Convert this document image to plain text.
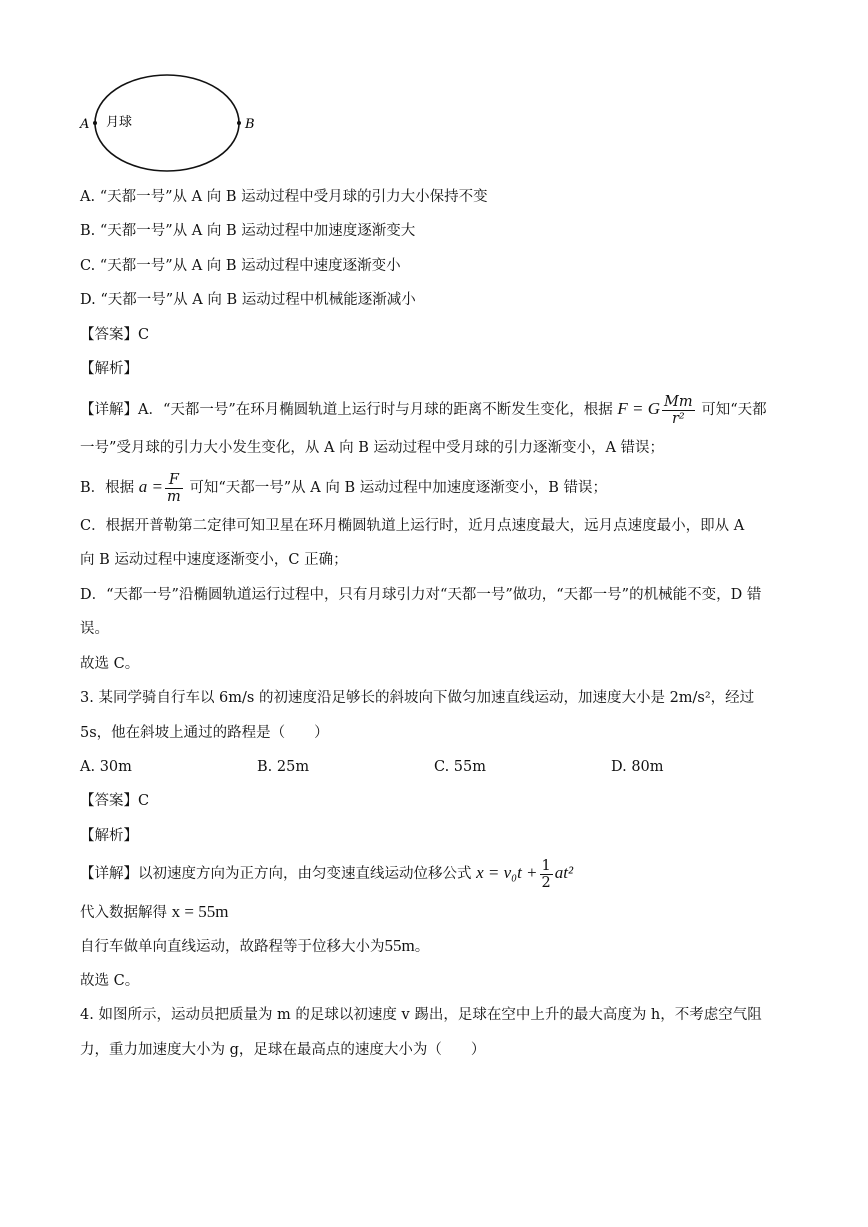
A	B
月球
A. “天都一号”从 A 向 B 运动过程中受月球的引力大小保持不变
B. “天都一号”从 A 向 B 运动过程中加速度逐渐变大
C. “天都一号”从 A 向 B 运动过程中速度逐渐变小
D. “天都一号”从 A 向 B 运动过程中机械能逐渐减小
【答案】C
【解析】
【详解】A．“天都一号”在环月椭圆轨道上运行时与月球的距离不断发生变化，根据 F = G $\frac{Mm}{\text{r²}}$ 可知“天都
一号”受月球的引力大小发生变化，从 A 向 B 运动过程中受月球的引力逐渐变小，A 错误；
B．根据 $a = \frac{F}{m}$ 可知“天都一号”从 A 向 B 运动过程中加速度逐渐变小，B 错误；
C．根据开普勒第二定律可知卫星在环月椭圆轨道上运行时，近月点速度最大，远月点速度最小，即从 A
向 B 运动过程中速度逐渐变小，C 正确；
D．“天都一号”沿椭圆轨道运行过程中，只有月球引力对“天都一号”做功，“天都一号”的机械能不变，D 错
误。
故选 C。
3. 某同学骑自行车以 6m/s 的初速度沿足够长的斜坡向下做匀加速直线运动，加速度大小是 2m/s²，经过
5s，他在斜坡上通过的路程是（　　）
A. 30m	B. 25m	C. 55m	D. 80m
【答案】C
【解析】
【详解】以初速度方向为正方向，由匀变速直线运动位移公式 $x = v_0t + \frac{1}{2} at^2$
代入数据解得 x = 55m
自行车做单向直线运动，故路程等于位移大小为55m。
故选 C。
4. 如图所示，运动员把质量为 m 的足球以初速度 v 踢出，足球在空中上升的最大高度为 h，不考虑空气阻
力，重力加速度大小为 g，足球在最高点的速度大小为（　　）
